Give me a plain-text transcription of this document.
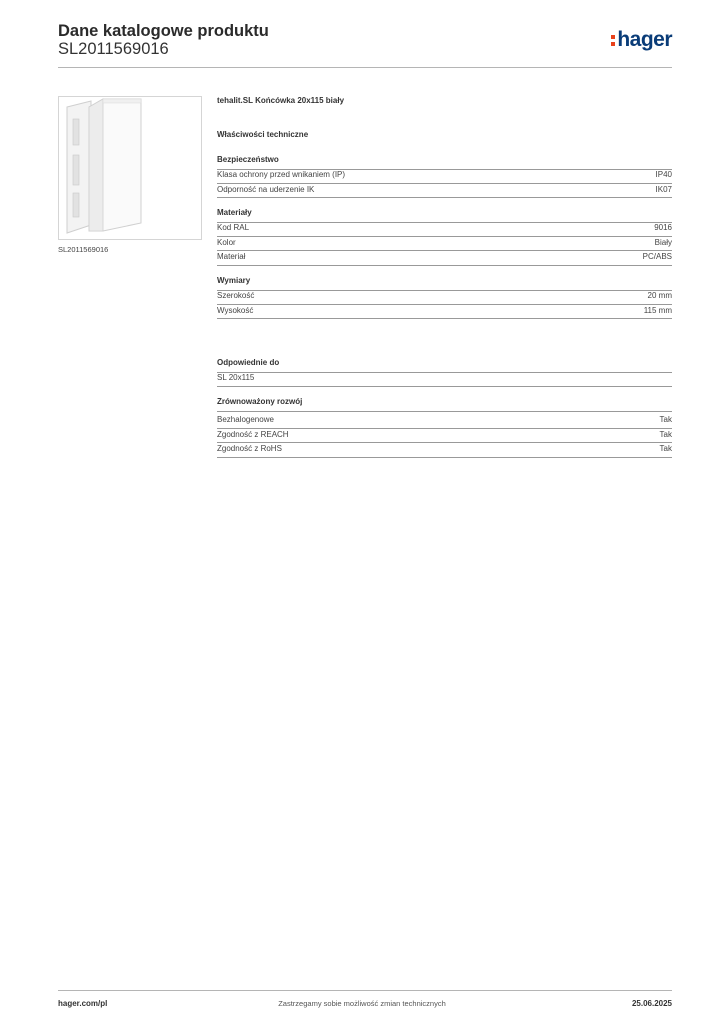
Dane katalogowe produktu
SL2011569016	hager
SL2011569016
tehalit.SL Końcówka 20x115 biały
Właściwości techniczne
Bezpieczeństwo
Klasa ochrony przed wnikaniem (IP)	IP40
Odporność na uderzenie IK	IK07
Materiały
Kod RAL	9016
Kolor	Biały
Materiał	PC/ABS
Wymiary
Szerokość	20 mm
Wysokość	115 mm
Odpowiednie do
SL 20x115
Zrównoważony rozwój
Bezhalogenowe	Tak
Zgodność z REACH	Tak
Zgodność z RoHS	Tak
hager.com/pl	Zastrzegamy sobie możliwość zmian technicznych	25.06.2025
